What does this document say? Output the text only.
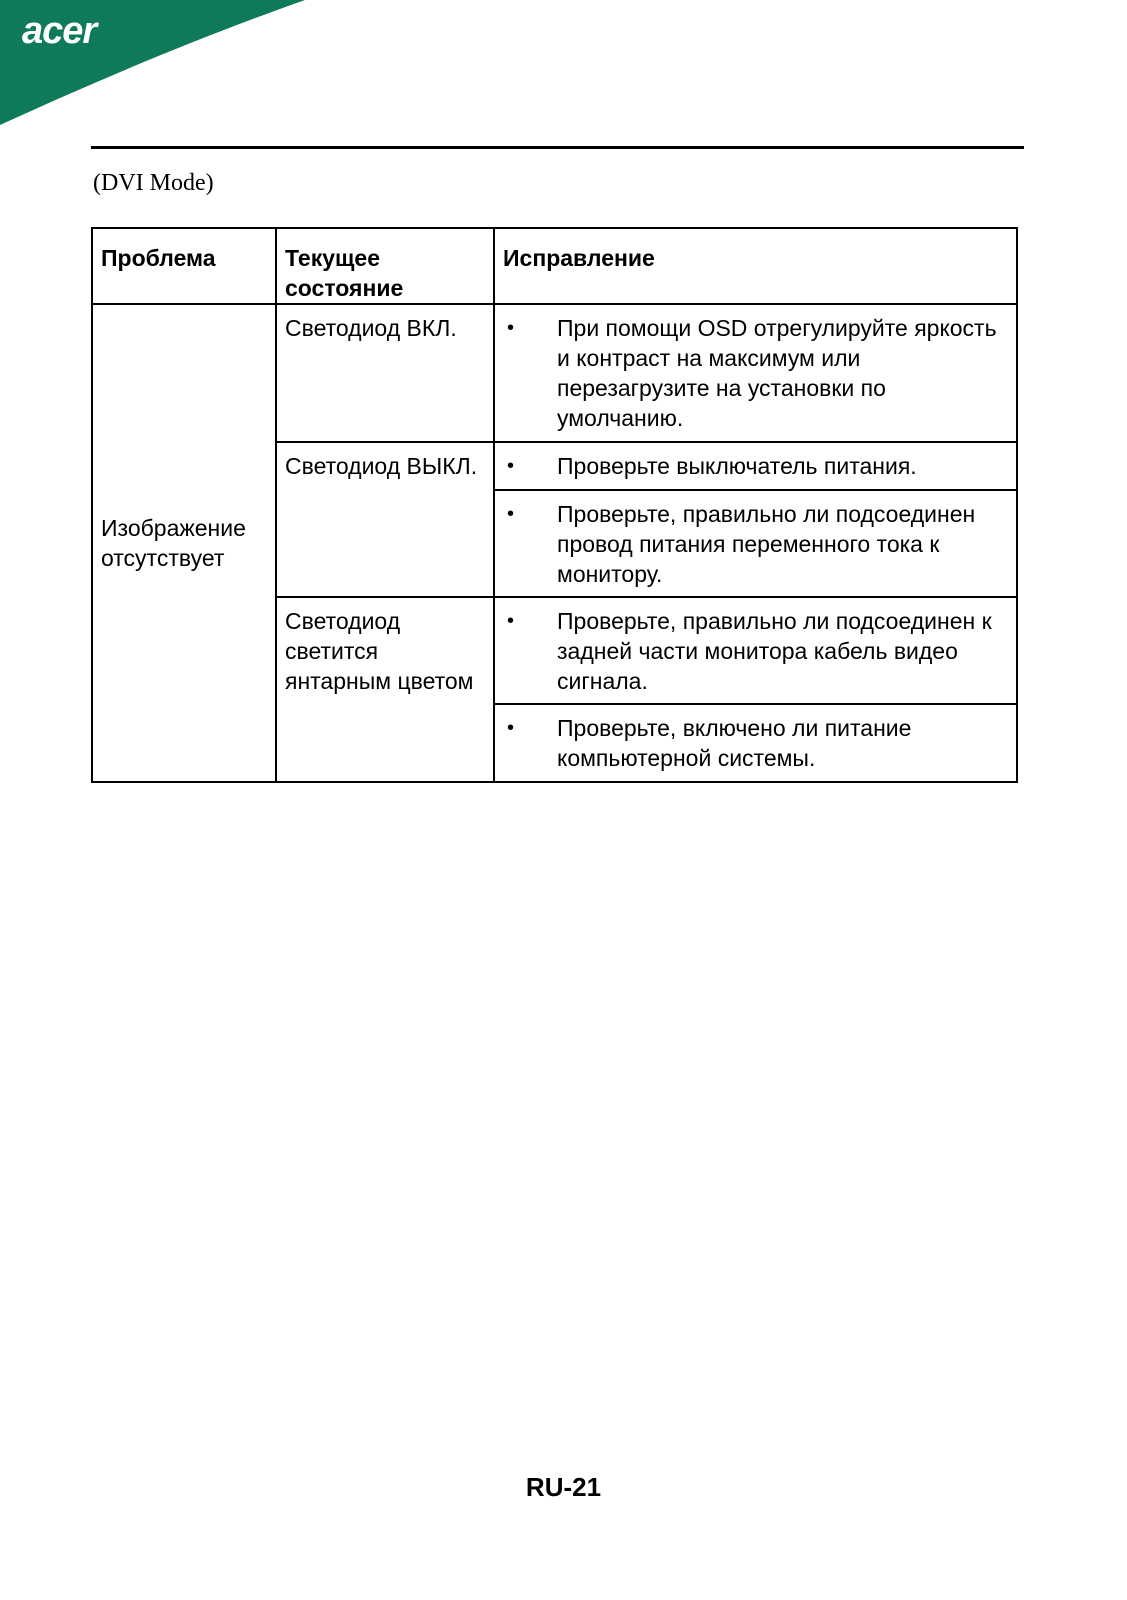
acer
(DVI Mode)
Проблема	Текущее состояние	Исправление

Изображение отсутствует	Светодиод ВКЛ.	• При помощи OSD отрегулируйте яркость и контраст на максимум или перезагрузите на установки по умолчанию.

	Светодиод ВЫКЛ.	• Проверьте выключатель питания.

		• Проверьте, правильно ли подсоединен провод питания переменного тока к монитору.

	Светодиод светится янтарным цветом	• Проверьте, правильно ли подсоединен к задней части монитора кабель видео сигнала.

		• Проверьте, включено ли питание компьютерной системы.
RU-21
